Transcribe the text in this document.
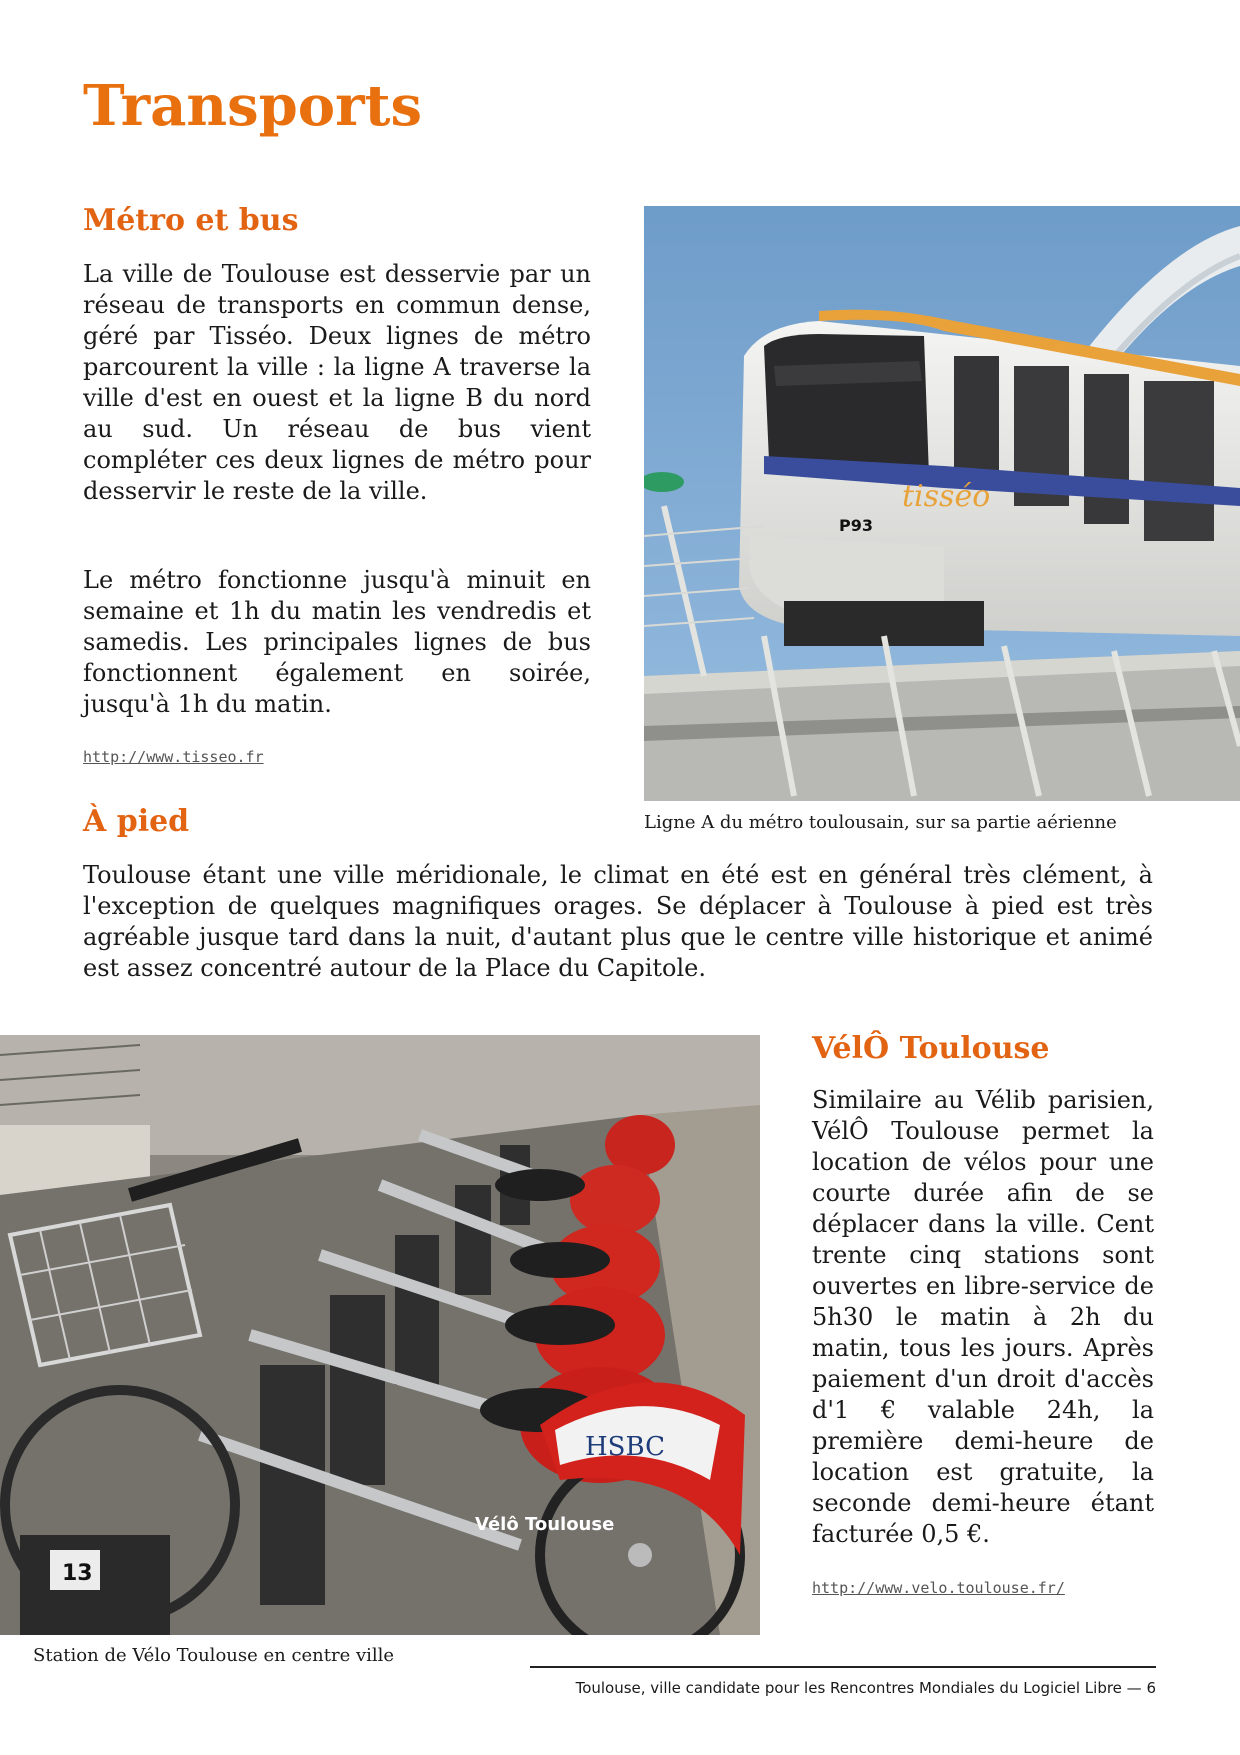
Transports
Métro et bus

La ville de Toulouse est desservie par un réseau de transports en commun dense, géré par Tisséo. Deux lignes de métro parcourent la ville : la ligne A traverse la ville d'est en ouest et la ligne B du nord au sud. Un réseau de bus vient compléter ces deux lignes de métro pour desservir le reste de la ville.

Le métro fonctionne jusqu'à minuit en semaine et 1h du matin les vendredis et samedis. Les principales lignes de bus fonctionnent également en soirée, jusqu'à 1h du matin.

http://www.tisseo.fr
tisséo
P93

Ligne A du métro toulousain, sur sa partie aérienne

À pied

Toulouse étant une ville méridionale, le climat en été est en général très clément, à l'exception de quelques magnifiques orages. Se déplacer à Toulouse à pied est très agréable jusque tard dans la nuit, d'autant plus que le centre ville historique et animé est assez concentré autour de la Place du Capitole.

HSBC
Vélô Toulouse
13

Station de Vélo Toulouse en centre ville

VélÔ Toulouse

Similaire au Vélib parisien, VélÔ Toulouse permet la location de vélos pour une courte durée afin de se déplacer dans la ville. Cent trente cinq stations sont ouvertes en libre-service de 5h30 le matin à 2h du matin, tous les jours. Après paiement d'un droit d'accès d'1 € valable 24h, la première demi-heure de location est gratuite, la seconde demi-heure étant facturée 0,5 €.

http://www.velo.toulouse.fr/

Toulouse, ville candidate pour les Rencontres Mondiales du Logiciel Libre — 6
